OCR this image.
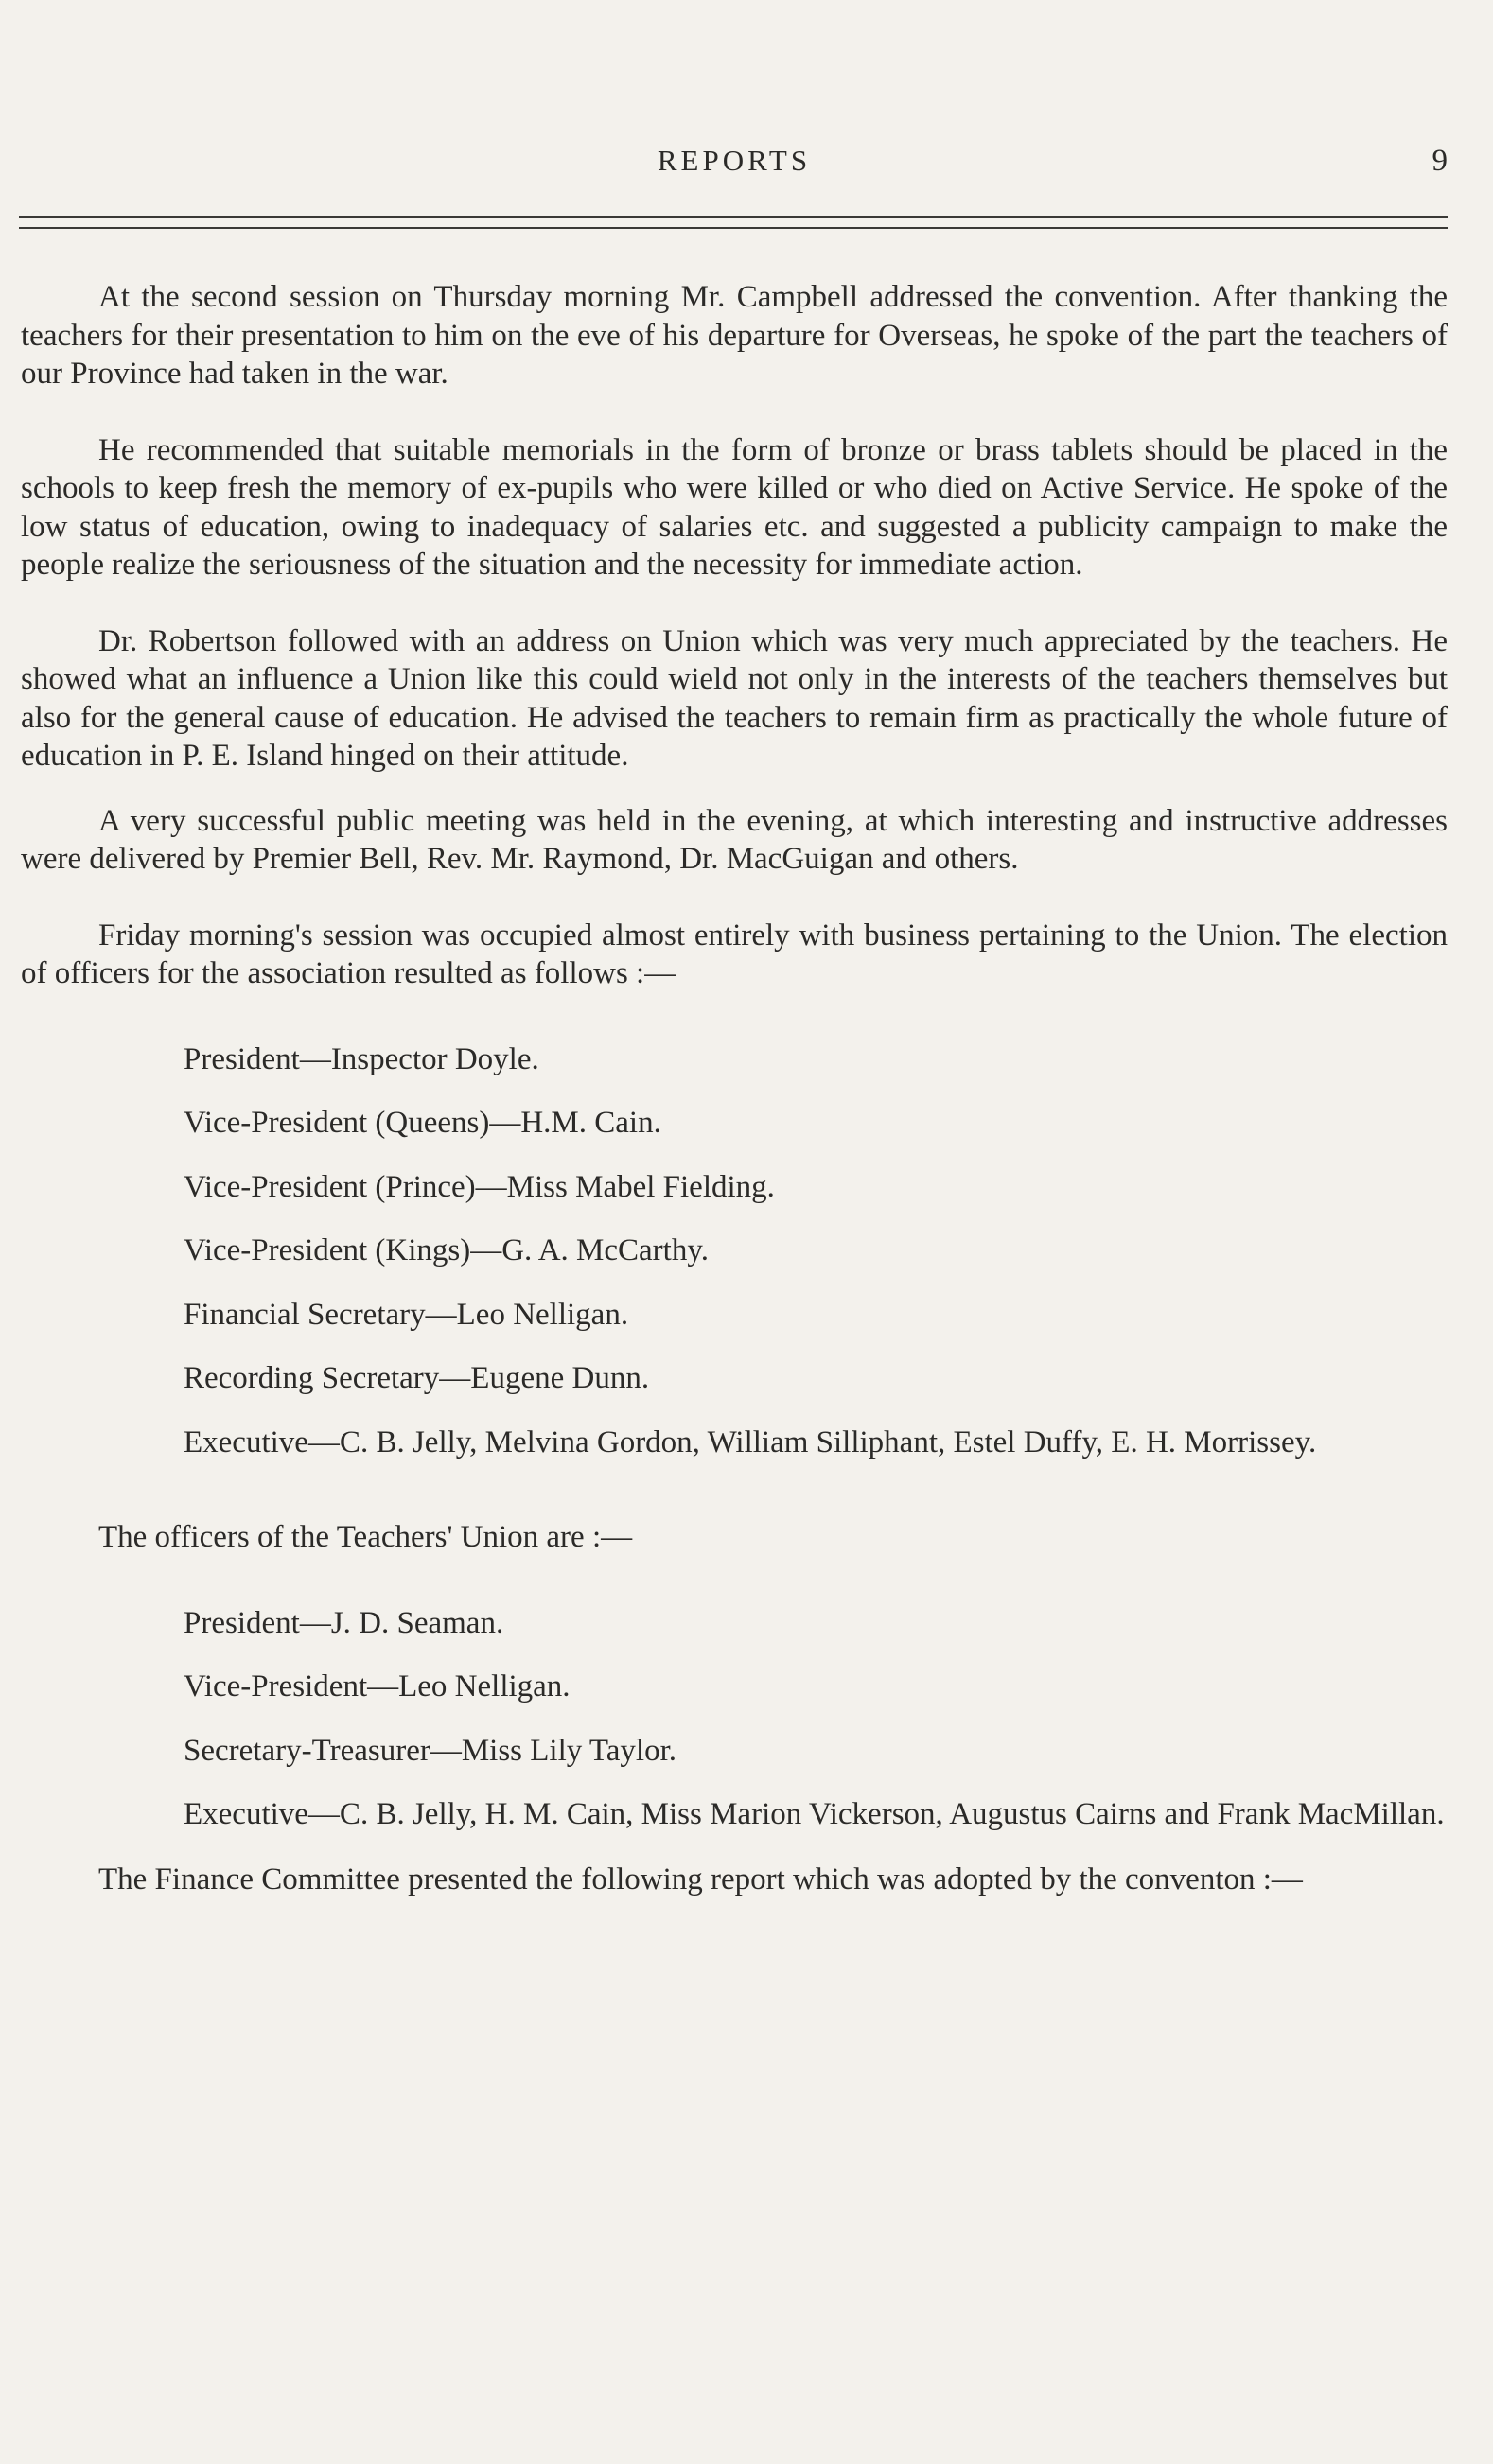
REPORTS	9

At the second session on Thursday morning Mr. Campbell addressed the convention. After thanking the teachers for their presentation to him on the eve of his departure for Overseas, he spoke of the part the teachers of our Province had taken in the war.

He recommended that suitable memorials in the form of bronze or brass tablets should be placed in the schools to keep fresh the memory of ex-pupils who were killed or who died on Active Service. He spoke of the low status of education, owing to inadequacy of salaries etc. and suggested a publicity campaign to make the people realize the seriousness of the situation and the necessity for immediate action.

Dr. Robertson followed with an address on Union which was very much appreciated by the teachers. He showed what an influence a Union like this could wield not only in the interests of the teachers themselves but also for the general cause of education. He advised the teachers to remain firm as practically the whole future of education in P. E. Island hinged on their attitude.

A very successful public meeting was held in the evening, at which interesting and instructive addresses were delivered by Premier Bell, Rev. Mr. Raymond, Dr. MacGuigan and others.

Friday morning's session was occupied almost entirely with business pertaining to the Union. The election of officers for the association resulted as follows :—

President—Inspector Doyle.
Vice-President (Queens)—H.M. Cain.
Vice-President (Prince)—Miss Mabel Fielding.
Vice-President (Kings)—G. A. McCarthy.
Financial Secretary—Leo Nelligan.
Recording Secretary—Eugene Dunn.
Executive—C. B. Jelly, Melvina Gordon, William Silliphant, Estel Duffy, E. H. Morrissey.

The officers of the Teachers' Union are :—

President—J. D. Seaman.
Vice-President—Leo Nelligan.
Secretary-Treasurer—Miss Lily Taylor.
Executive—C. B. Jelly, H. M. Cain, Miss Marion Vickerson, Augustus Cairns and Frank MacMillan.

The Finance Committee presented the following report which was adopted by the conventon :—
